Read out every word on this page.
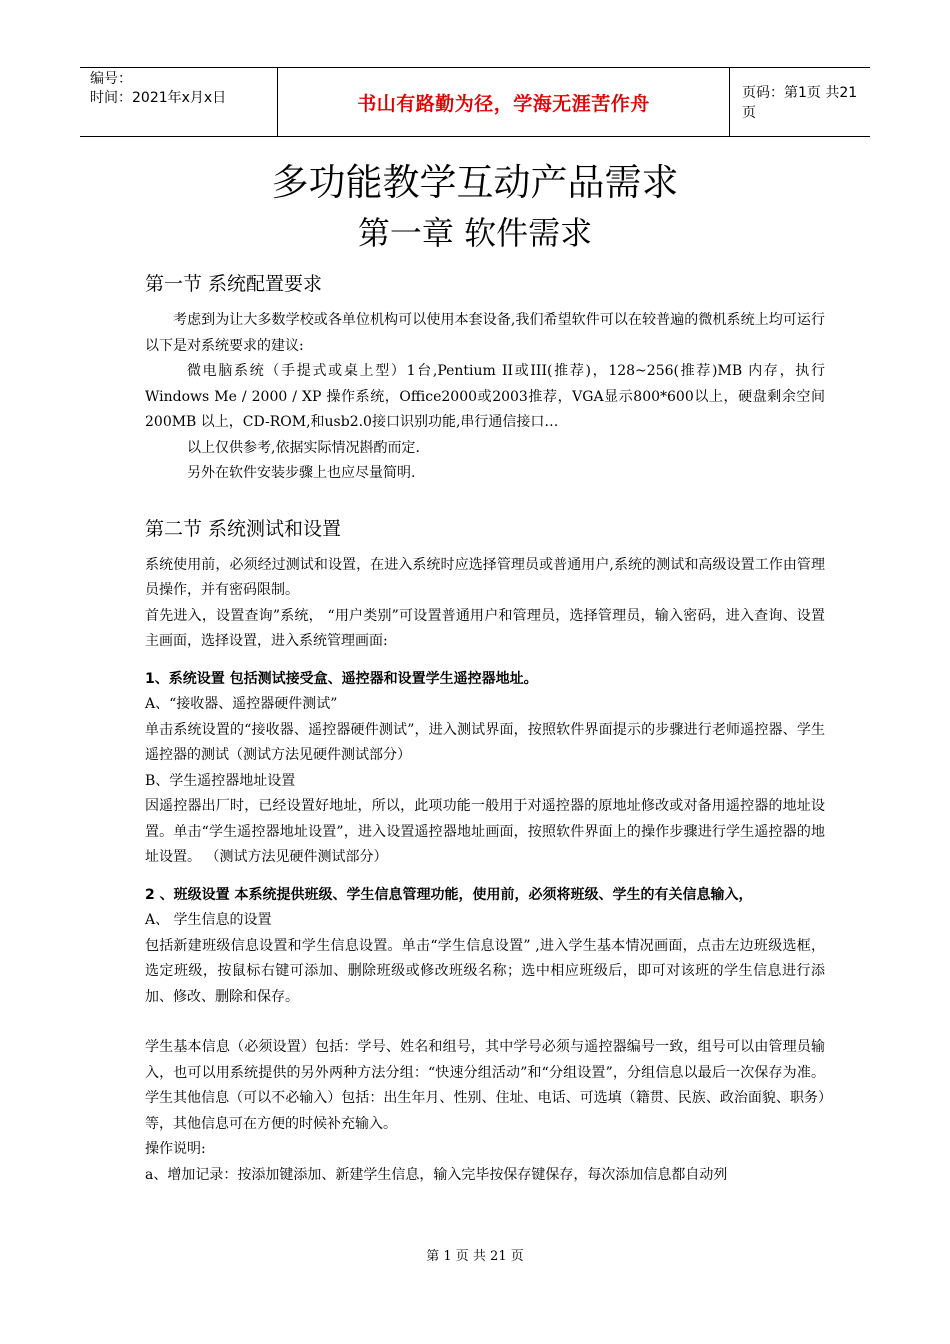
编号：
时间：2021年x月x日	书山有路勤为径，学海无涯苦作舟	页码：第1页 共21页
多功能教学互动产品需求
第一章 软件需求
第一节 系统配置要求

考虑到为让大多数学校或各单位机构可以使用本套设备,我们希望软件可以在较普遍的微机系统上均可运行以下是对系统要求的建议:

微电脑系统（手提式或桌上型）1台,Pentium II或III(推荐)，128~256(推荐)MB 内存，执行Windows Me / 2000 / XP 操作系统，Office2000或2003推荐，VGA显示800*600以上，硬盘剩余空间 200MB 以上，CD-ROM,和usb2.0接口识别功能,串行通信接口…

以上仅供参考,依据实际情况斟酌而定.

另外在软件安装步骤上也应尽量简明.

第二节 系统测试和设置

系统使用前，必须经过测试和设置，在进入系统时应选择管理员或普通用户,系统的测试和高级设置工作由管理员操作，并有密码限制。

首先进入，设置查询”系统， “用户类别”可设置普通用户和管理员，选择管理员，输入密码，进入查询、设置主画面，选择设置，进入系统管理画面:

1、系统设置 包括测试接受盒、遥控器和设置学生遥控器地址。

A、“接收器、遥控器硬件测试”

单击系统设置的“接收器、遥控器硬件测试”，进入测试界面，按照软件界面提示的步骤进行老师遥控器、学生遥控器的测试（测试方法见硬件测试部分）

B、学生遥控器地址设置

因遥控器出厂时，已经设置好地址，所以，此项功能一般用于对遥控器的原地址修改或对备用遥控器的地址设置。单击“学生遥控器地址设置”，进入设置遥控器地址画面，按照软件界面上的操作步骤进行学生遥控器的地址设置。 （测试方法见硬件测试部分）

2 、班级设置 本系统提供班级、学生信息管理功能，使用前，必须将班级、学生的有关信息输入，

A、 学生信息的设置

包括新建班级信息设置和学生信息设置。单击“学生信息设置” ,进入学生基本情况画面，点击左边班级选框，选定班级，按鼠标右键可添加、删除班级或修改班级名称；选中相应班级后，即可对该班的学生信息进行添加、修改、删除和保存。

学生基本信息（必须设置）包括：学号、姓名和组号，其中学号必须与遥控器编号一致，组号可以由管理员输入，也可以用系统提供的另外两种方法分组：“快速分组活动”和“分组设置”，分组信息以最后一次保存为准。 学生其他信息（可以不必输入）包括：出生年月、性别、住址、电话、可选填（籍贯、民族、政治面貌、职务）等，其他信息可在方便的时候补充输入。

操作说明:

a、增加记录：按添加键添加、新建学生信息，输入完毕按保存键保存，每次添加信息都自动列

第 1 页 共 21 页
